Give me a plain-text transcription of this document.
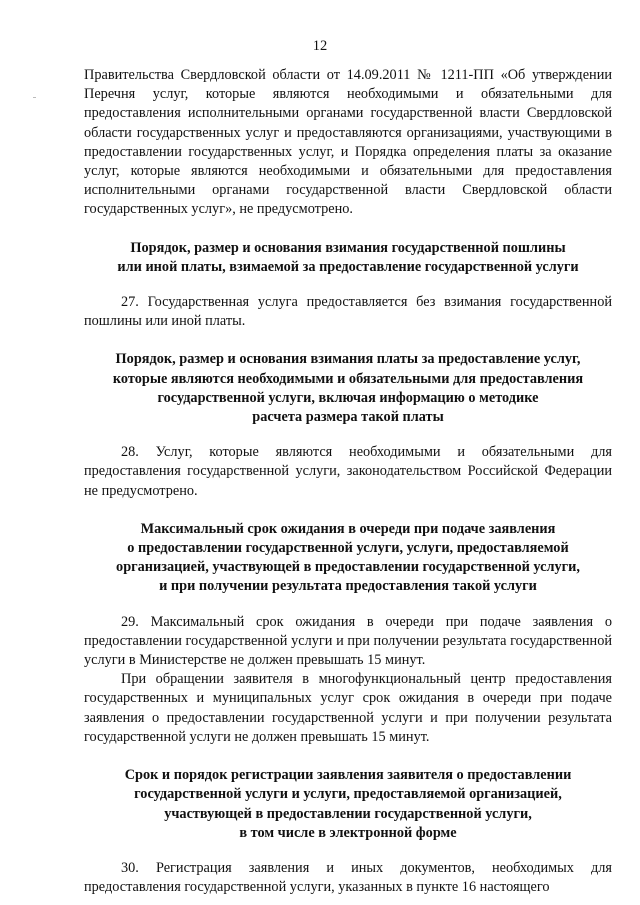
12

Правительства Свердловской области от 14.09.2011 № 1211-ПП «Об утверждении Перечня услуг, которые являются необходимыми и обязательными для предоставления исполнительными органами государственной власти Свердловской области государственных услуг и предоставляются организациями, участвующими в предоставлении государственных услуг, и Порядка определения платы за оказание услуг, которые являются необходимыми и обязательными для предоставления исполнительными органами государственной власти Свердловской области государственных услуг», не предусмотрено.

Порядок, размер и основания взимания государственной пошлины

или иной платы, взимаемой за предоставление государственной услуги

27. Государственная услуга предоставляется без взимания государственной пошлины или иной платы.

Порядок, размер и основания взимания платы за предоставление услуг,

которые являются необходимыми и обязательными для предоставления

государственной услуги, включая информацию о методике

расчета размера такой платы

28. Услуг, которые являются необходимыми и обязательными для предоставления государственной услуги, законодательством Российской Федерации не предусмотрено.

Максимальный срок ожидания в очереди при подаче заявления

о предоставлении государственной услуги, услуги, предоставляемой

организацией, участвующей в предоставлении государственной услуги,

и при получении результата предоставления такой услуги

29. Максимальный срок ожидания в очереди при подаче заявления о предоставлении государственной услуги и при получении результата государственной услуги в Министерстве не должен превышать 15 минут.

При обращении заявителя в многофункциональный центр предоставления государственных и муниципальных услуг срок ожидания в очереди при подаче заявления о предоставлении государственной услуги и при получении результата государственной услуги не должен превышать 15 минут.

Срок и порядок регистрации заявления заявителя о предоставлении

государственной услуги и услуги, предоставляемой организацией,

участвующей в предоставлении государственной услуги,

в том числе в электронной форме

30. Регистрация заявления и иных документов, необходимых для предоставления государственной услуги, указанных в пункте 16 настоящего
